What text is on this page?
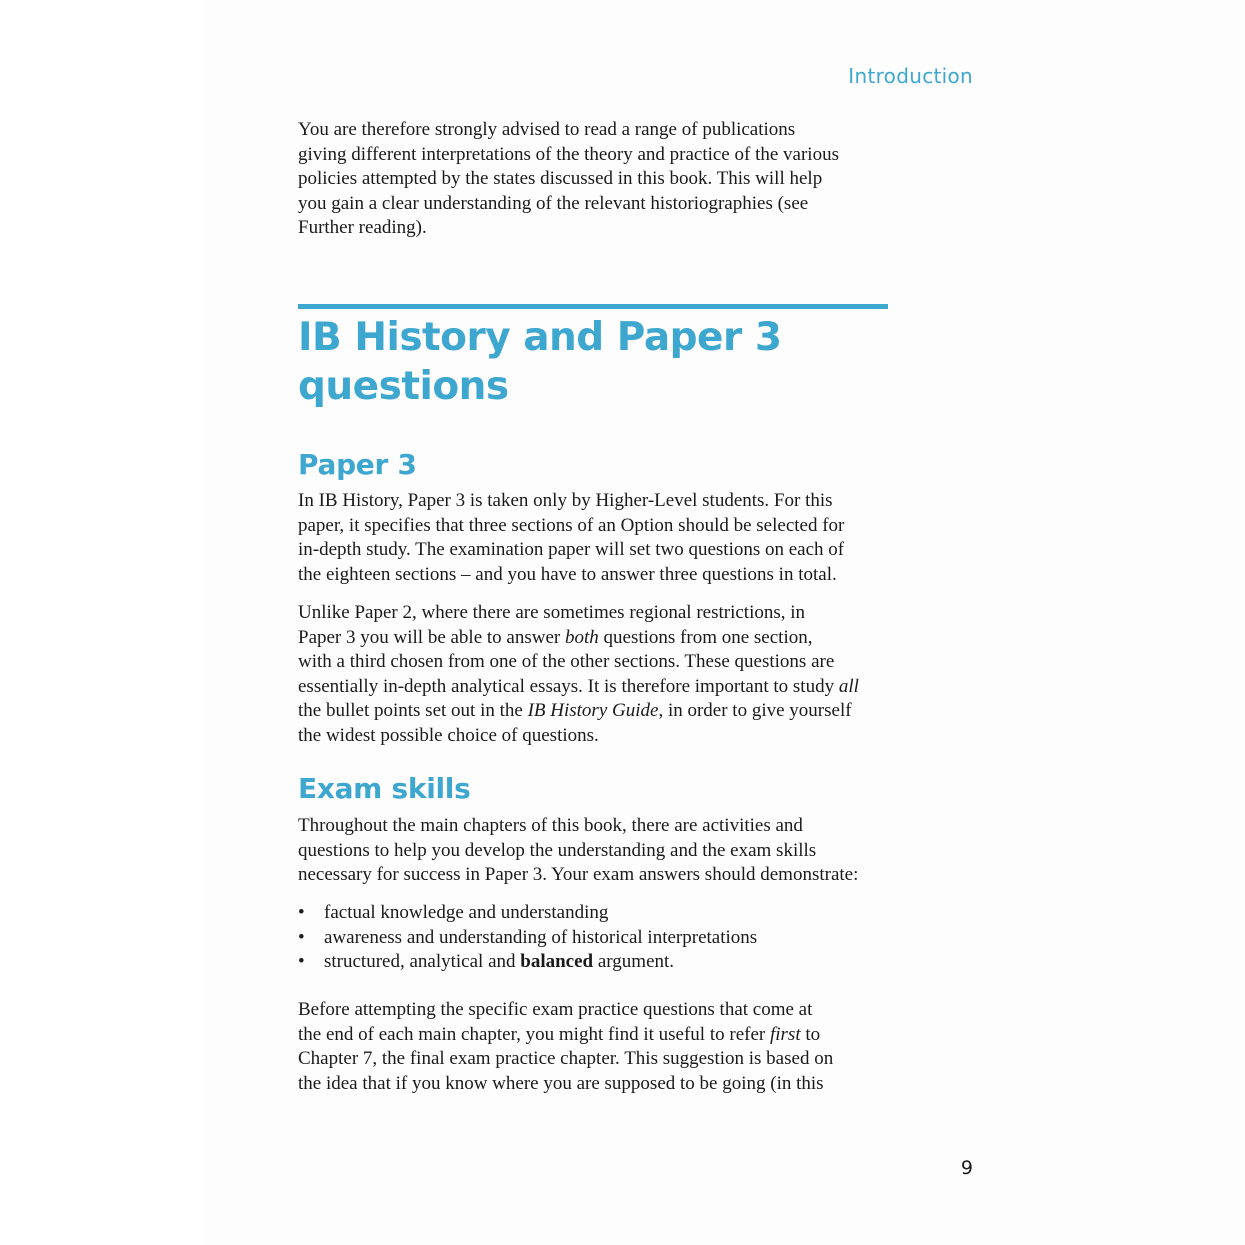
Introduction

You are therefore strongly advised to read a range of publications

giving different interpretations of the theory and practice of the various

policies attempted by the states discussed in this book. This will help

you gain a clear understanding of the relevant historiographies (see

Further reading).

IB History and Paper 3
questions
Paper 3

In IB History, Paper 3 is taken only by Higher-Level students. For this

paper, it specifies that three sections of an Option should be selected for

in-depth study. The examination paper will set two questions on each of

the eighteen sections – and you have to answer three questions in total.

Unlike Paper 2, where there are sometimes regional restrictions, in

Paper 3 you will be able to answer both questions from one section,

with a third chosen from one of the other sections. These questions are

essentially in-depth analytical essays. It is therefore important to study all

the bullet points set out in the IB History Guide, in order to give yourself

the widest possible choice of questions.

Exam skills

Throughout the main chapters of this book, there are activities and

questions to help you develop the understanding and the exam skills

necessary for success in Paper 3. Your exam answers should demonstrate:

• factual knowledge and understanding
• awareness and understanding of historical interpretations
• structured, analytical and balanced argument.

Before attempting the specific exam practice questions that come at

the end of each main chapter, you might find it useful to refer first to

Chapter 7, the final exam practice chapter. This suggestion is based on

the idea that if you know where you are supposed to be going (in this

9
